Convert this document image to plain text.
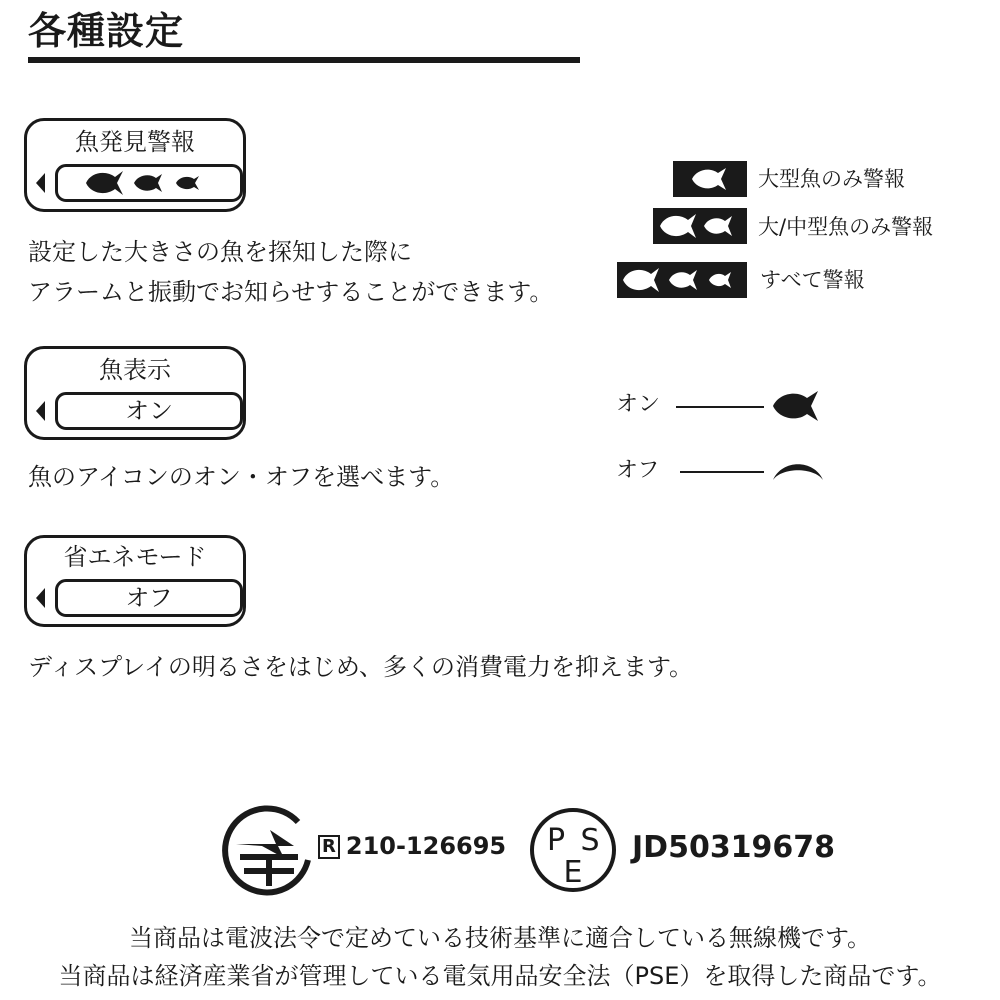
各種設定
魚発見警報
設定した大きさの魚を探知した際に
アラームと振動でお知らせすることができます。
大型魚のみ警報
大/中型魚のみ警報
すべて警報
魚表示
オン
魚のアイコンのオン・オフを選べます。
オン
オフ
省エネモード
オフ
ディスプレイの明るさをはじめ、多くの消費電力を抑えます。
R 210-126695 P S
E
JD50319678
当商品は電波法令で定めている技術基準に適合している無線機です。
当商品は経済産業省が管理している電気用品安全法（PSE）を取得した商品です。
